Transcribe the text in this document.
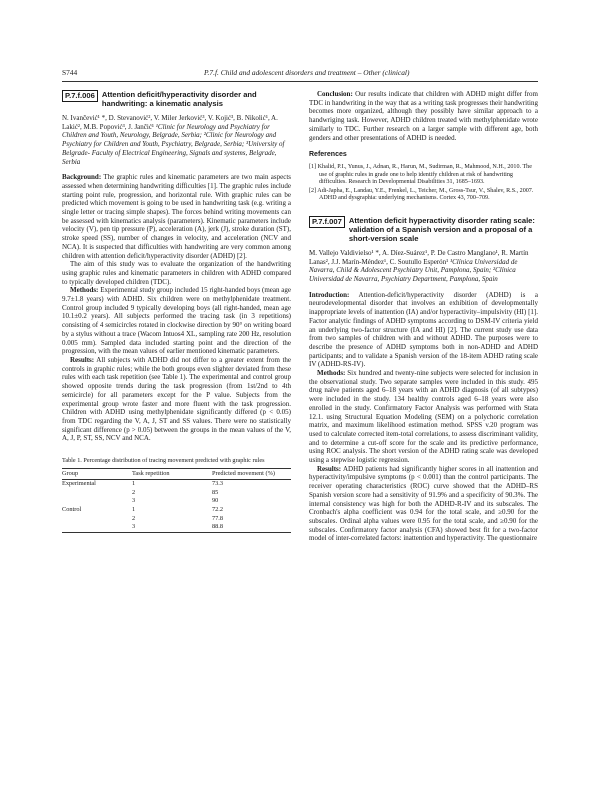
S744	P.7.f. Child and adolescent disorders and treatment – Other (clinical)
P.7.f.006 Attention deficit/hyperactivity disorder and handwriting: a kinematic analysis
N. Ivančević¹ *, D. Stevanović², V. Miler Jerković³, V. Kojić³, B. Nikolić¹, A. Lakić², M.B. Popović³, J. Jančić¹ ¹Clinic for Neurology and Psychiatry for Children and Youth, Neurology, Belgrade, Serbia; ²Clinic for Neurology and Psychiatry for Children and Youth, Psychiatry, Belgrade, Serbia; ³University of Belgrade- Faculty of Electrical Engineering, Signals and systems, Belgrade, Serbia

Background: The graphic rules and kinematic parameters are two main aspects assessed when determining handwriting difficulties [1]. The graphic rules include starting point rule, progression, and horizontal rule. With graphic rules can be predicted which movement is going to be used in handwriting task (e.g. writing a single letter or tracing simple shapes). The forces behind writing movements can be assessed with kinematics analysis (parameters). Kinematic parameters include velocity (V), pen tip pressure (P), acceleration (A), jerk (J), stroke duration (ST), stroke speed (SS), number of changes in velocity, and acceleration (NCV and NCA). It is suspected that difficulties with handwriting are very common among children with attention deficit/hyperactivity disorder (ADHD) [2].

The aim of this study was to evaluate the organization of the handwriting using graphic rules and kinematic parameters in children with ADHD compared to typically developed children (TDC).

Methods: Experimental study group included 15 right-handed boys (mean age 9.7±1.8 years) with ADHD. Six children were on methylphenidate treatment. Control group included 9 typically developing boys (all right-handed, mean age 10.1±0.2 years). All subjects performed the tracing task (in 3 repetitions) consisting of 4 semicircles rotated in clockwise direction by 90° on writing board by a stylus without a trace (Wacom Intuos4 XL, sampling rate 200 Hz, resolution 0.005 mm). Sampled data included starting point and the direction of the progression, with the mean values of earlier mentioned kinematic parameters.

Results: All subjects with ADHD did not differ to a greater extent from the controls in graphic rules; while the both groups even slighter deviated from these rules with each task repetition (see Table 1). The experimental and control group showed opposite trends during the task progression (from 1st/2nd to 4th semicircle) for all parameters except for the P value. Subjects from the experimental group wrote faster and more fluent with the task progression. Children with ADHD using methylphenidate significantly differed (p < 0.05) from TDC regarding the V, A, J, ST and SS values. There were no statistically significant difference (p > 0.05) between the groups in the mean values of the V, A, J, P, ST, SS, NCV and NCA.

Table 1. Percentage distribution of tracing movement predicted with graphic rules
Group	Task repetition	Predicted movement (%)
Experimental	1	73.3
	2	85
	3	90
Control	1	72.2
	2	77.8
	3	88.8

Conclusion: Our results indicate that children with ADHD might differ from TDC in handwriting in the way that as a writing task progresses their handwriting becomes more organized, although they possibly have similar approach to a handwriging task. However, ADHD children treated with methylphenidate wrote similarly to TDC. Further research on a larger sample with different age, both genders and other presentations of ADHD is needed.

References
[1] Khalid, P.I., Yunus, J., Adnan, R., Harun, M., Sudirman, R., Mahmood, N.H., 2010. The use of graphic rules in grade one to help identify children at risk of handwriting difficulties. Research in Developmental Disabilities 31, 1685–1693.
[2] Adi-Japha, E., Landau, Y.E., Frenkel, L., Teicher, M., Gross-Tsur, V., Shalev, R.S., 2007. ADHD and dysgraphia: underlying mechanisms. Cortex 43, 700–709.
P.7.f.007 Attention deficit hyperactivity disorder rating scale: validation of a Spanish version and a proposal of a short-version scale
M. Vallejo Valdivielso¹ *, A. Díez-Suárez¹, P. De Castro Manglano¹, R. Martín Lanas², J.J. Marín-Méndez¹, C. Soutullo Esperón¹ ¹Clínica Universidad de Navarra, Child & Adolescent Psychiatry Unit, Pamplona, Spain; ²Clínica Universidad de Navarra, Psychiatry Department, Pamplona, Spain

Introduction: Attention-deficit/hyperactivity disorder (ADHD) is a neurodevelopmental disorder that involves an exhibition of developmentally inappropriate levels of inattention (IA) and/or hyperactivity–impulsivity (HI) [1]. Factor analytic findings of ADHD symptoms according to DSM-IV criteria yield an underlying two-factor structure (IA and HI) [2]. The current study use data from two samples of children with and without ADHD. The purposes were to describe the presence of ADHD symptoms both in non-ADHD and ADHD participants; and to validate a Spanish version of the 18-item ADHD rating scale IV (ADHD-RS-IV).

Methods: Six hundred and twenty-nine subjects were selected for inclusion in the observational study. Two separate samples were included in this study. 495 drug naïve patients aged 6–18 years with an ADHD diagnosis (of all subtypes) were included in the study. 134 healthy controls aged 6–18 years were also enrolled in the study. Confirmatory Factor Analysis was performed with Stata 12.1. using Structural Equation Modeling (SEM) on a polychoric correlation matrix, and maximum likelihood estimation method. SPSS v.20 program was used to calculate corrected item-total correlations, to assess discriminant validity, and to determine a cut-off score for the scale and its predictive performance, using ROC analysis. The short version of the ADHD rating scale was developed using a stepwise logistic regression.

Results: ADHD patients had significantly higher scores in all inattention and hyperactivity/impulsive symptoms (p < 0.001) than the control participants. The receiver operating characteristics (ROC) curve showed that the ADHD–RS Spanish version score had a sensitivity of 91.9% and a specificity of 90.3%. The internal consistency was high for both the ADHD-R-IV and its subscales. The Cronbach's alpha coefficient was 0.94 for the total scale, and ≥0.90 for the subscales. Ordinal alpha values were 0.95 for the total scale, and ≥0.90 for the subscales. Confirmatory factor analysis (CFA) showed best fit for a two-factor model of inter-correlated factors: inattention and hyperactivity. The questionnaire
